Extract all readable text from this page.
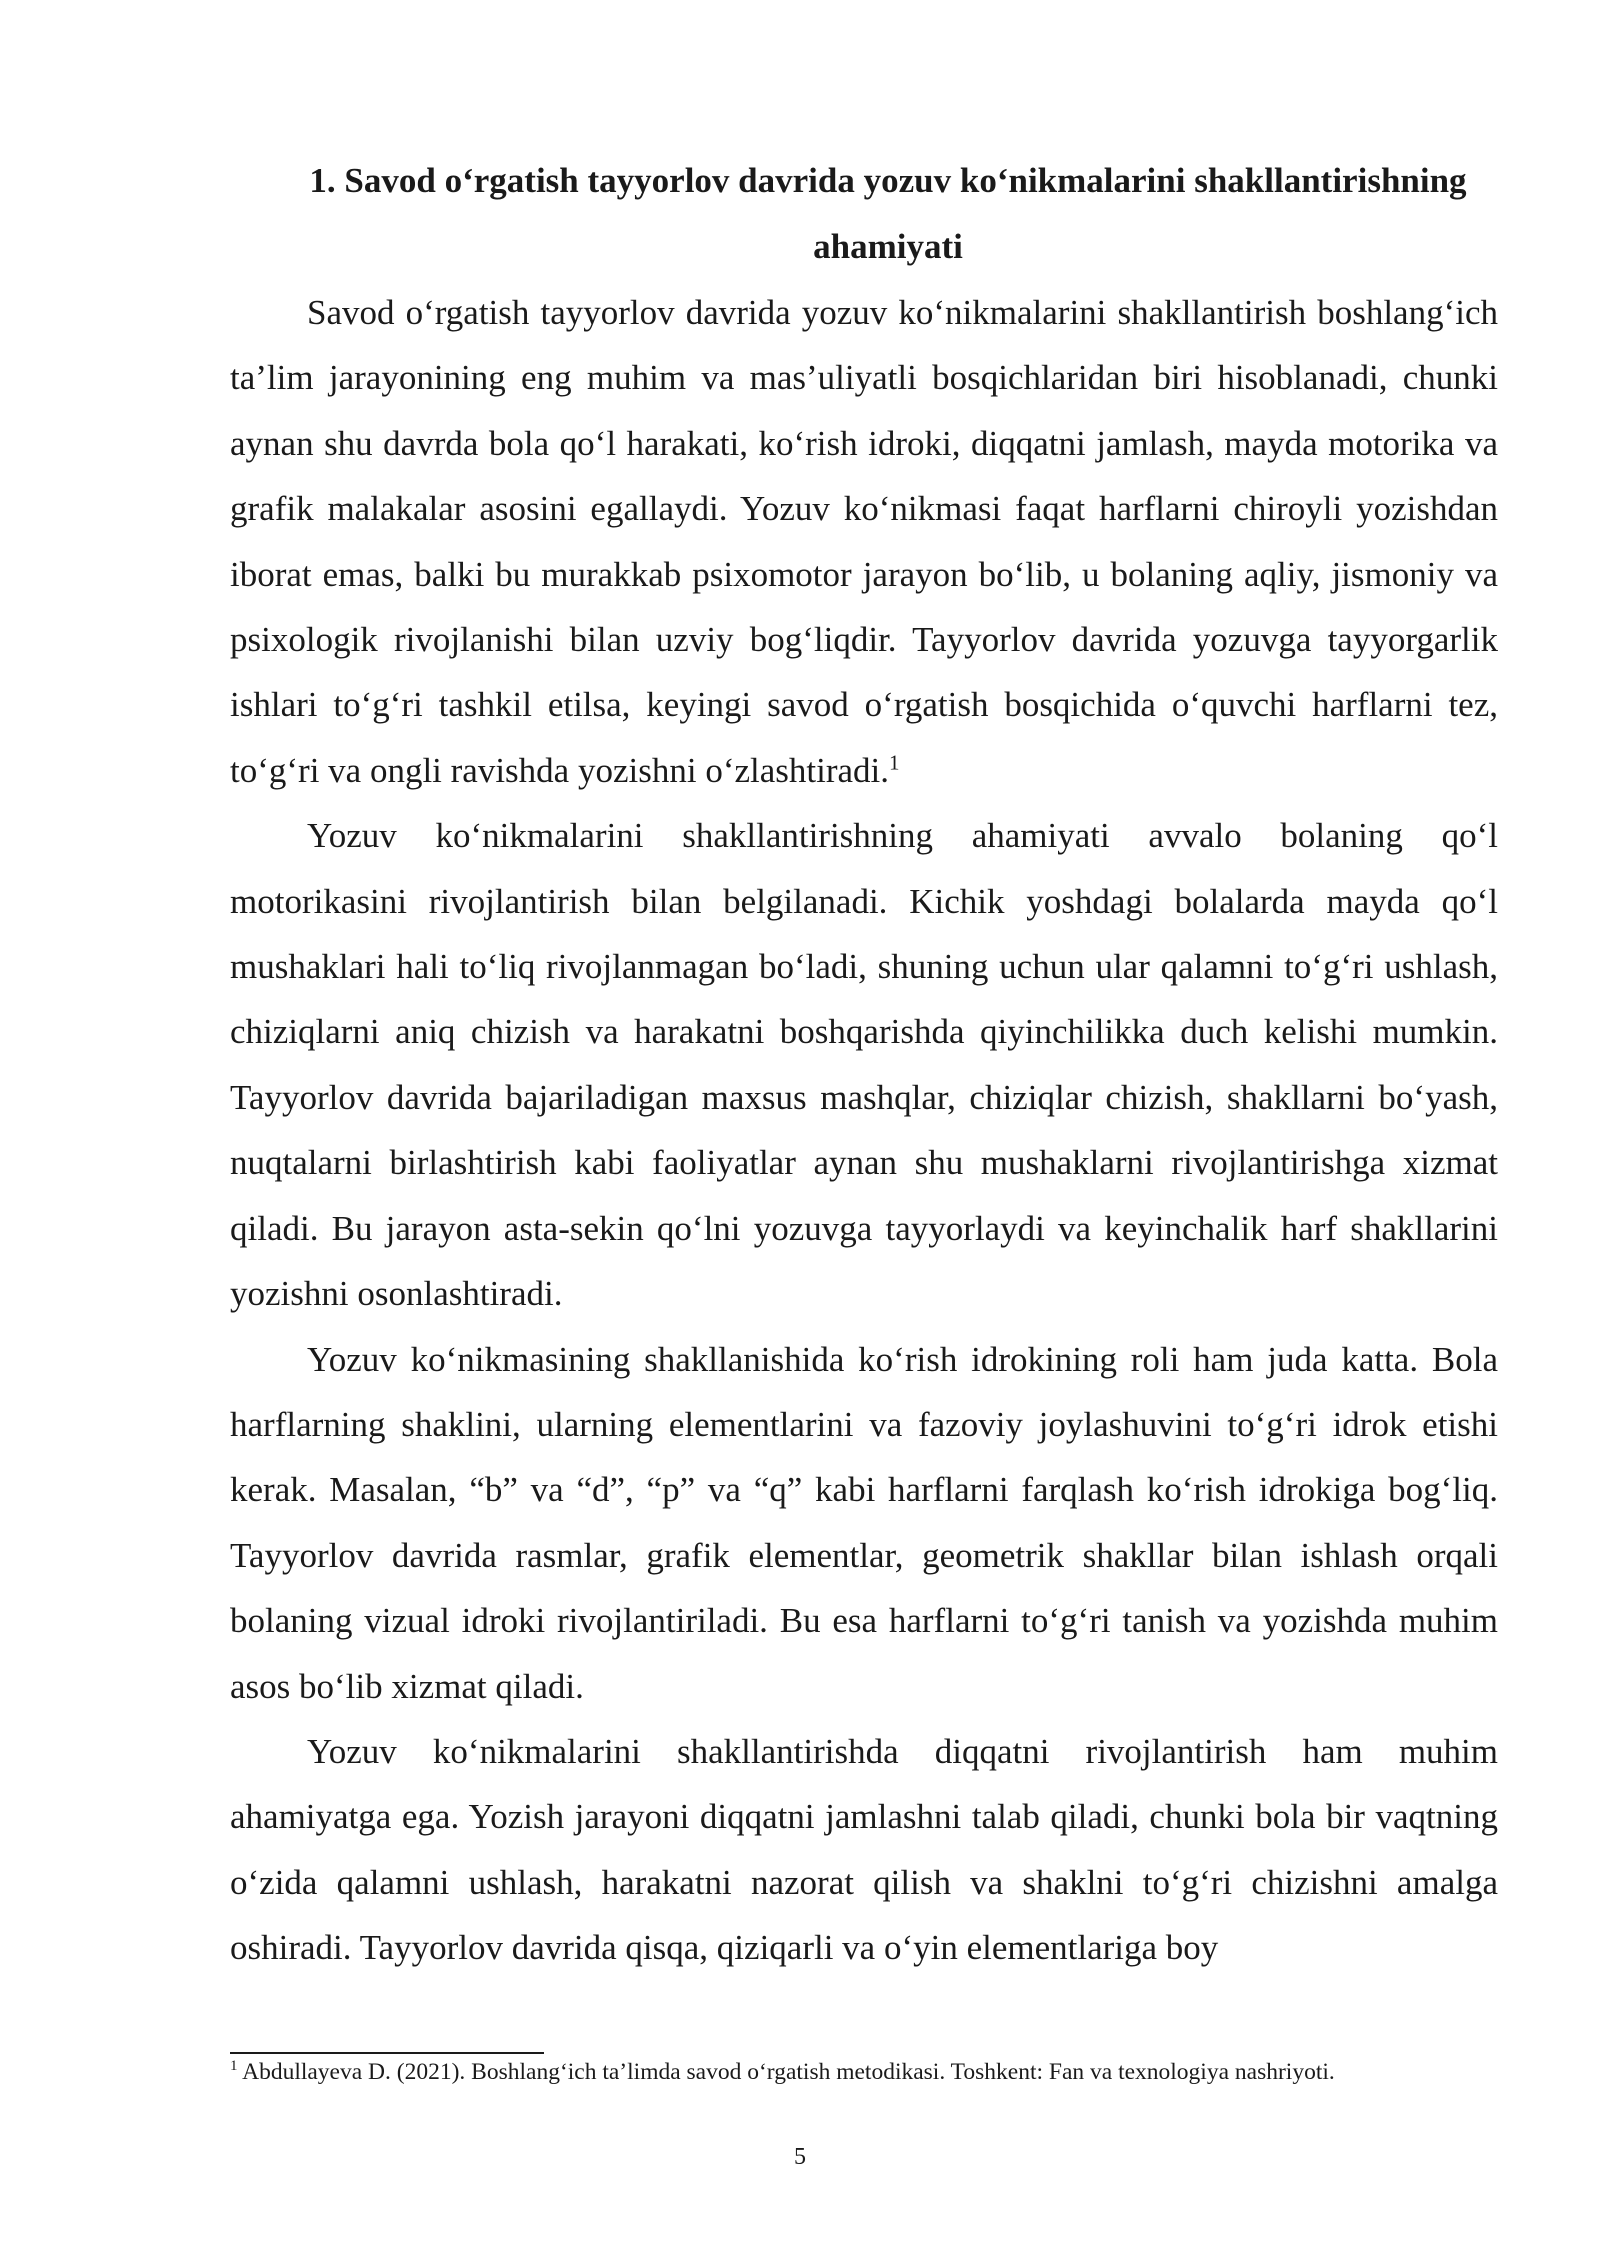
1. Savod o‘rgatish tayyorlov davrida yozuv ko‘nikmalarini shakllantirishning
ahamiyati

Savod o‘rgatish tayyorlov davrida yozuv ko‘nikmalarini shakllantirish boshlang‘ich ta’lim jarayonining eng muhim va mas’uliyatli bosqichlaridan biri hisoblanadi, chunki aynan shu davrda bola qo‘l harakati, ko‘rish idroki, diqqatni jamlash, mayda motorika va grafik malakalar asosini egallaydi. Yozuv ko‘nikmasi faqat harflarni chiroyli yozishdan iborat emas, balki bu murakkab psixomotor jarayon bo‘lib, u bolaning aqliy, jismoniy va psixologik rivojlanishi bilan uzviy bog‘liqdir. Tayyorlov davrida yozuvga tayyorgarlik ishlari to‘g‘ri tashkil etilsa, keyingi savod o‘rgatish bosqichida o‘quvchi harflarni tez, to‘g‘ri va ongli ravishda yozishni o‘zlashtiradi.$^1$

Yozuv ko‘nikmalarini shakllantirishning ahamiyati avvalo bolaning qo‘l motorikasini rivojlantirish bilan belgilanadi. Kichik yoshdagi bolalarda mayda qo‘l mushaklari hali to‘liq rivojlanmagan bo‘ladi, shuning uchun ular qalamni to‘g‘ri ushlash, chiziqlarni aniq chizish va harakatni boshqarishda qiyinchilikka duch kelishi mumkin. Tayyorlov davrida bajariladigan maxsus mashqlar, chiziqlar chizish, shakllarni bo‘yash, nuqtalarni birlashtirish kabi faoliyatlar aynan shu mushaklarni rivojlantirishga xizmat qiladi. Bu jarayon asta-sekin qo‘lni yozuvga tayyorlaydi va keyinchalik harf shakllarini yozishni osonlashtiradi.

Yozuv ko‘nikmasining shakllanishida ko‘rish idrokining roli ham juda katta. Bola harflarning shaklini, ularning elementlarini va fazoviy joylashuvini to‘g‘ri idrok etishi kerak. Masalan, “b” va “d”, “p” va “q” kabi harflarni farqlash ko‘rish idrokiga bog‘liq. Tayyorlov davrida rasmlar, grafik elementlar, geometrik shakllar bilan ishlash orqali bolaning vizual idroki rivojlantiriladi. Bu esa harflarni to‘g‘ri tanish va yozishda muhim asos bo‘lib xizmat qiladi.

Yozuv ko‘nikmalarini shakllantirishda diqqatni rivojlantirish ham muhim ahamiyatga ega. Yozish jarayoni diqqatni jamlashni talab qiladi, chunki bola bir vaqtning o‘zida qalamni ushlash, harakatni nazorat qilish va shaklni to‘g‘ri chizishni amalga oshiradi. Tayyorlov davrida qisqa, qiziqarli va o‘yin elementlariga boy

$^1$ Abdullayeva D. (2021). Boshlang‘ich ta’limda savod o‘rgatish metodikasi. Toshkent: Fan va texnologiya nashriyoti.

5
